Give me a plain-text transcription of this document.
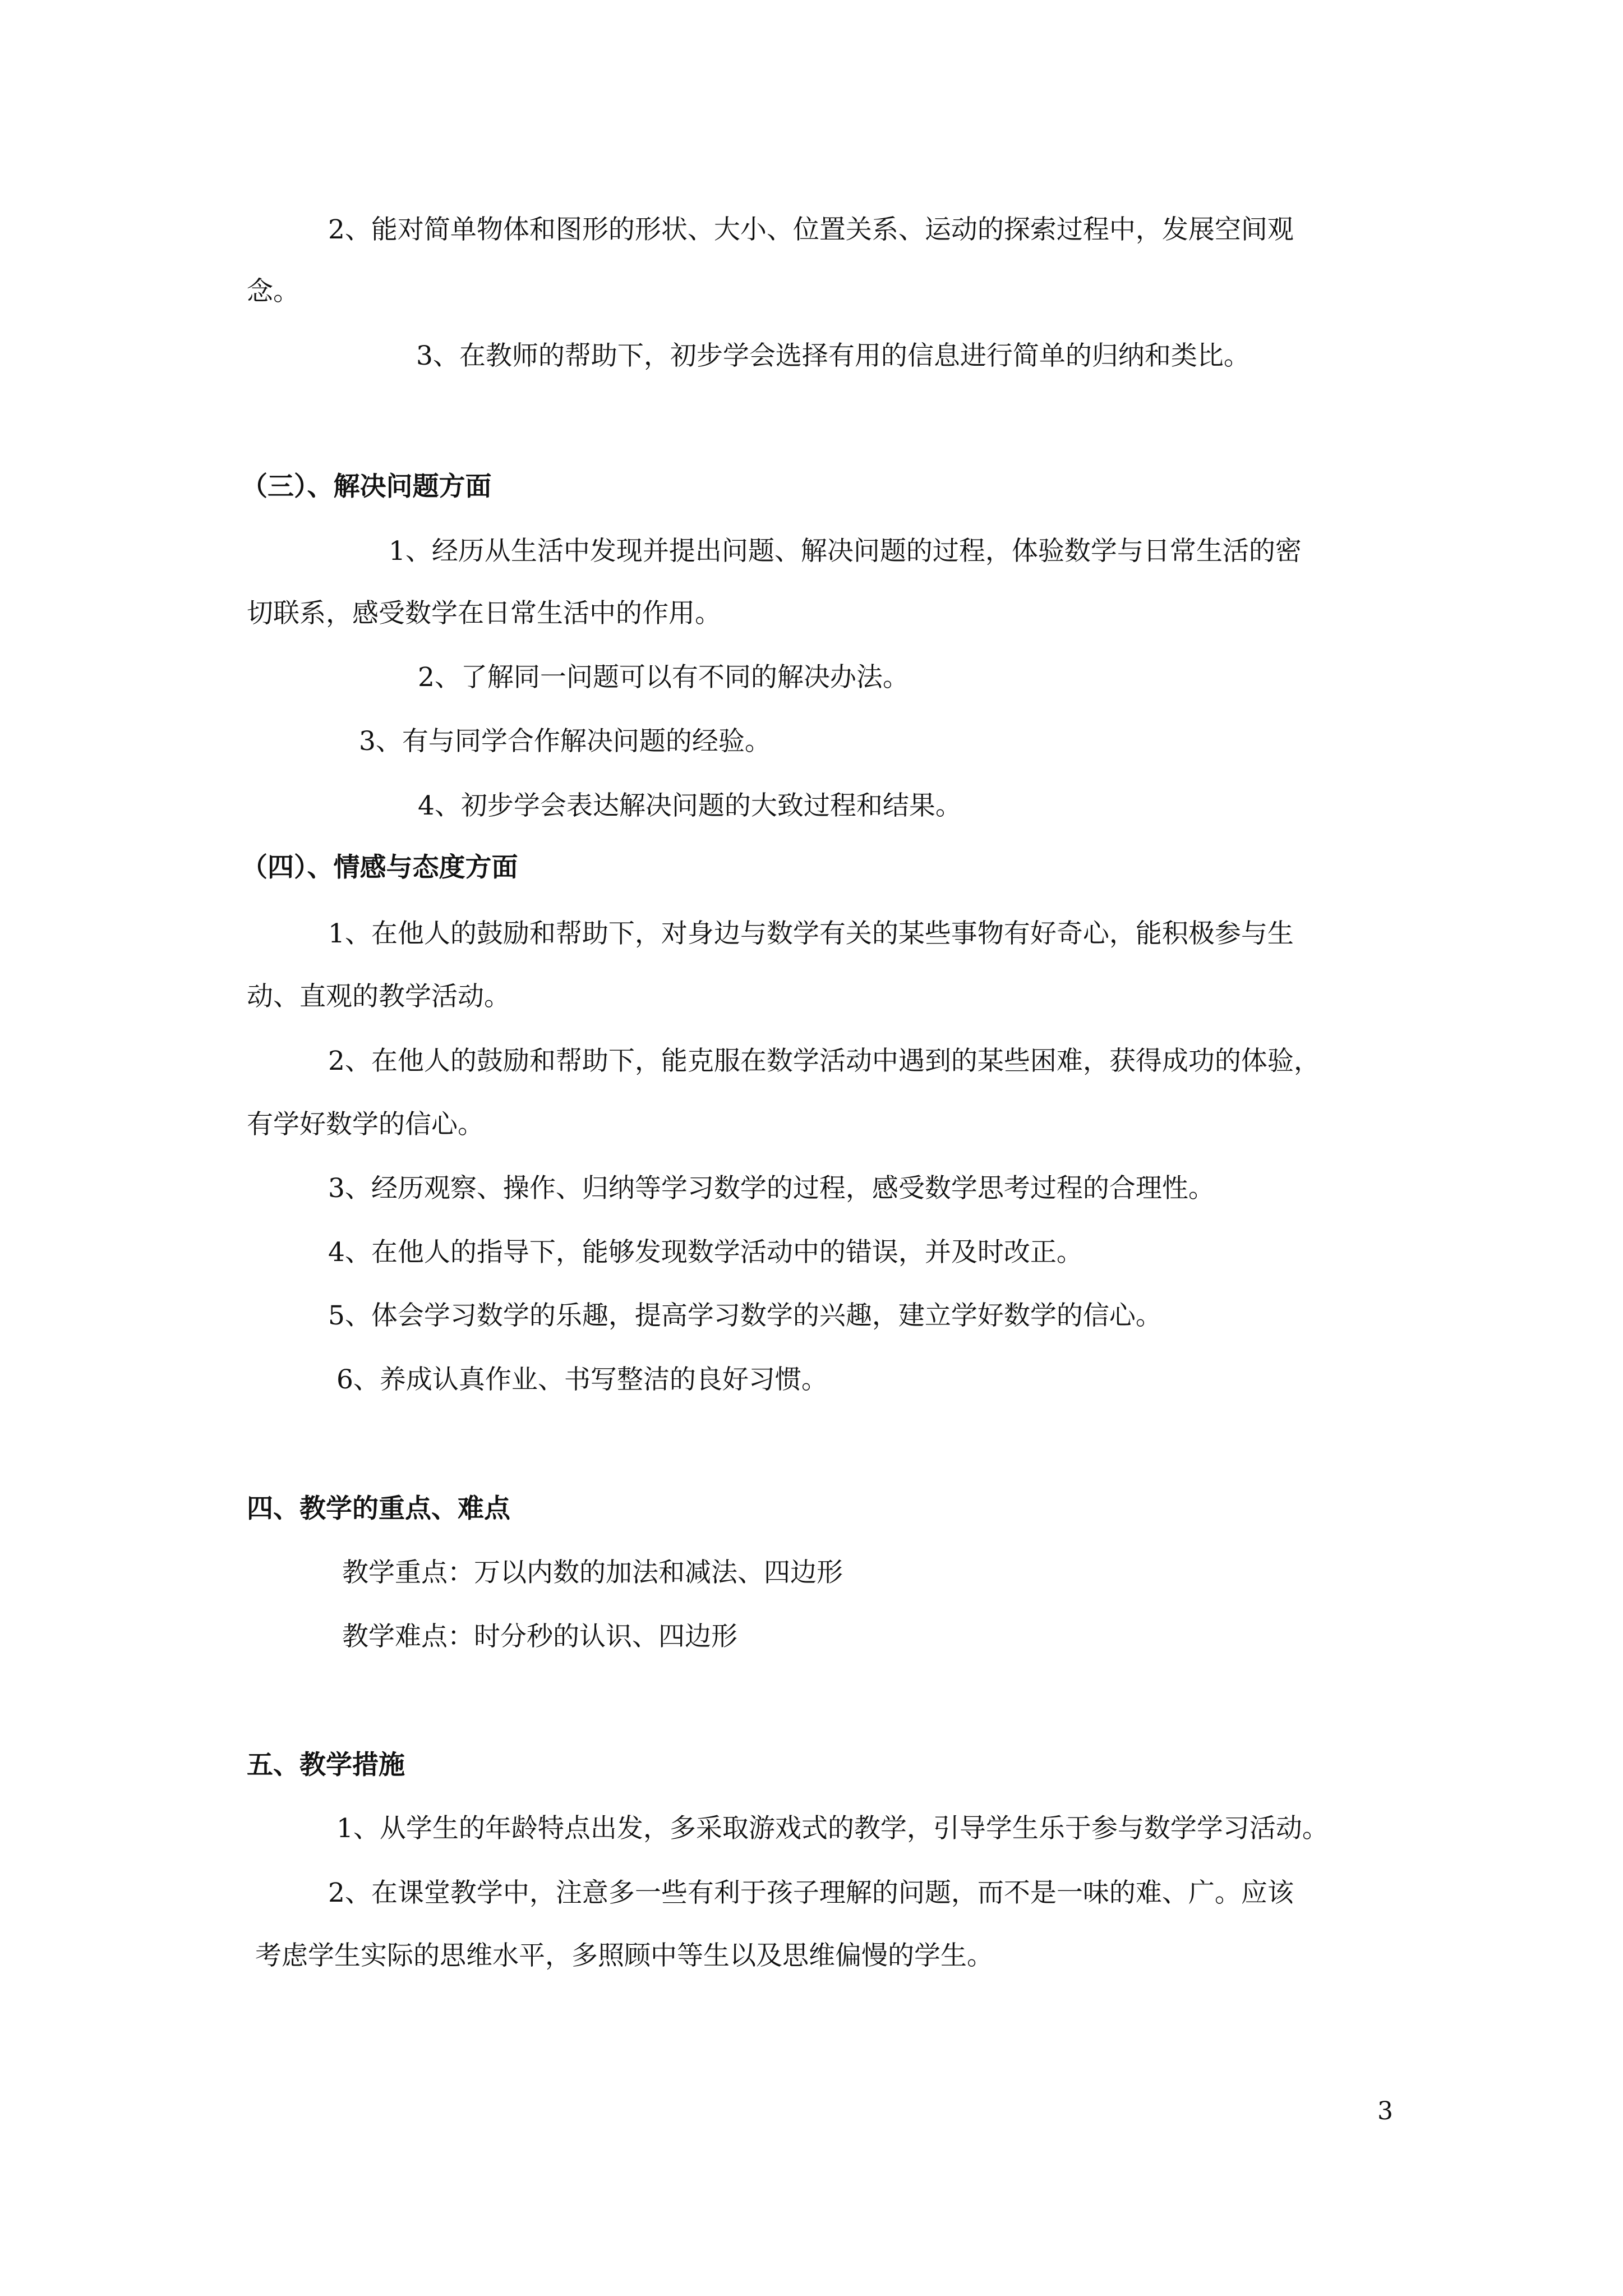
2、能对简单物体和图形的形状、大小、位置关系、运动的探索过程中，发展空间观
念。
3、在教师的帮助下，初步学会选择有用的信息进行简单的归纳和类比。
（三）、解决问题方面
1、经历从生活中发现并提出问题、解决问题的过程，体验数学与日常生活的密
切联系，感受数学在日常生活中的作用。
2、了解同一问题可以有不同的解决办法。
3、有与同学合作解决问题的经验。
4、初步学会表达解决问题的大致过程和结果。
（四）、情感与态度方面
1、在他人的鼓励和帮助下，对身边与数学有关的某些事物有好奇心，能积极参与生
动、直观的教学活动。
2、在他人的鼓励和帮助下，能克服在数学活动中遇到的某些困难，获得成功的体验，
有学好数学的信心。
3、经历观察、操作、归纳等学习数学的过程，感受数学思考过程的合理性。
4、在他人的指导下，能够发现数学活动中的错误，并及时改正。
5、体会学习数学的乐趣，提高学习数学的兴趣，建立学好数学的信心。
6、养成认真作业、书写整洁的良好习惯。
四、教学的重点、难点
教学重点：万以内数的加法和减法、四边形
教学难点：时分秒的认识、四边形
五、教学措施
1、从学生的年龄特点出发，多采取游戏式的教学，引导学生乐于参与数学学习活动。
2、在课堂教学中，注意多一些有利于孩子理解的问题，而不是一味的难、广。应该
考虑学生实际的思维水平，多照顾中等生以及思维偏慢的学生。
3
